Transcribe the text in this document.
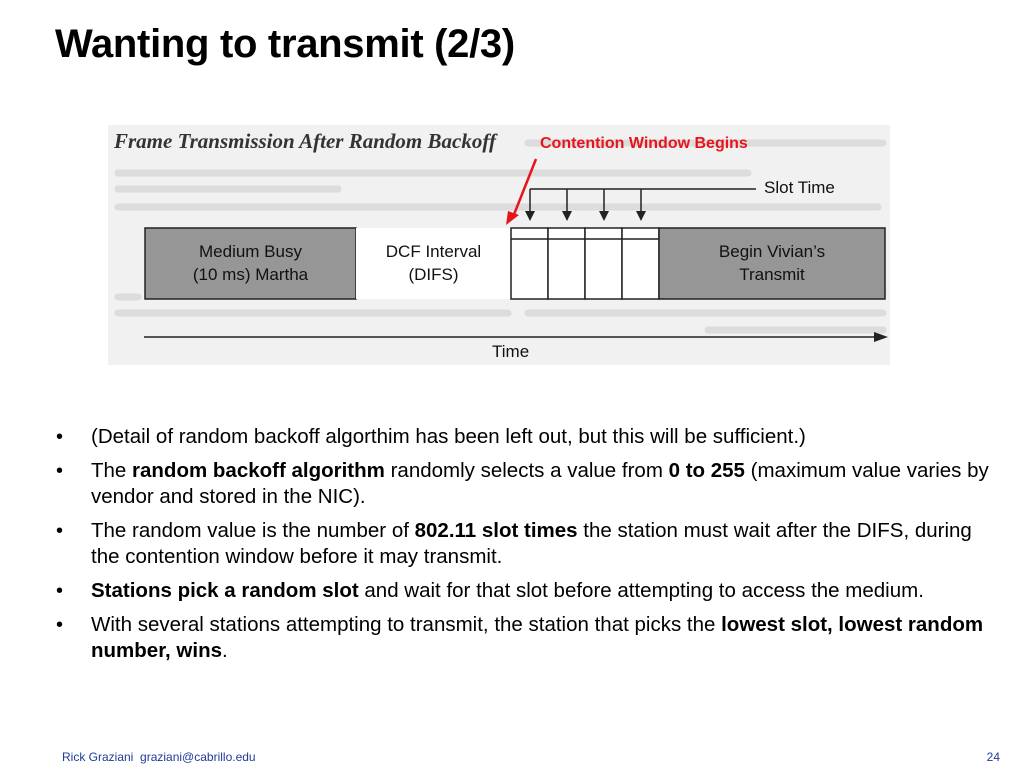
Wanting to transmit (2/3)
Frame Transmission After Random Backoff	Contention Window Begins
Slot Time
Medium Busy
(10 ms) Martha
DCF Interval
(DIFS)
Begin Vivian’s
Transmit
Time
• (Detail of random backoff algorthim has been left out, but this will be sufficient.)
• The random backoff algorithm randomly selects a value from 0 to 255 (maximum value varies by vendor and stored in the NIC).
• The random value is the number of 802.11 slot times the station must wait after the DIFS, during the contention window before it may transmit.
• Stations pick a random slot and wait for that slot before attempting to access the medium.
• With several stations attempting to transmit, the station that picks the lowest slot, lowest random number, wins.
Rick Graziani graziani@cabrillo.edu	24
